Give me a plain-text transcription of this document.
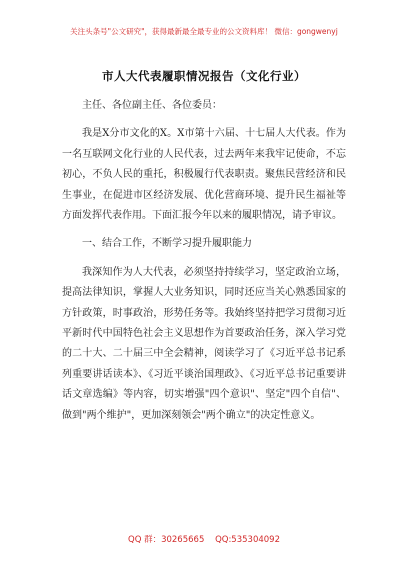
关注头条号"公文研究"，获得最新最全最专业的公文资料库！ 微信：gongwenyj
市人大代表履职情况报告（文化行业）

主任、各位副主任、各位委员：

我是X分市文化的X。X市第十六届、十七届人大代表。作为一名互联网文化行业的人民代表，过去两年来我牢记使命，不忘初心，不负人民的重托，积极履行代表职责。聚焦民营经济和民生事业，在促进市区经济发展、优化营商环境、提升民生福祉等方面发挥代表作用。下面汇报今年以来的履职情况，请予审议。

一、结合工作，不断学习提升履职能力

我深知作为人大代表，必须坚持持续学习，坚定政治立场，提高法律知识，掌握人大业务知识，同时还应当关心熟悉国家的方针政策，时事政治，形势任务等。我始终坚持把学习贯彻习近平新时代中国特色社会主义思想作为首要政治任务，深入学习党的二十大、二十届三中全会精神，阅读学习了《习近平总书记系列重要讲话读本》、《习近平谈治国理政》、《习近平总书记重要讲话文章选编》等内容，切实增强"四个意识"、坚定"四个自信"、做到"两个维护"，更加深刻领会"两个确立"的决定性意义。

QQ 群：30265665 QQ:535304092
